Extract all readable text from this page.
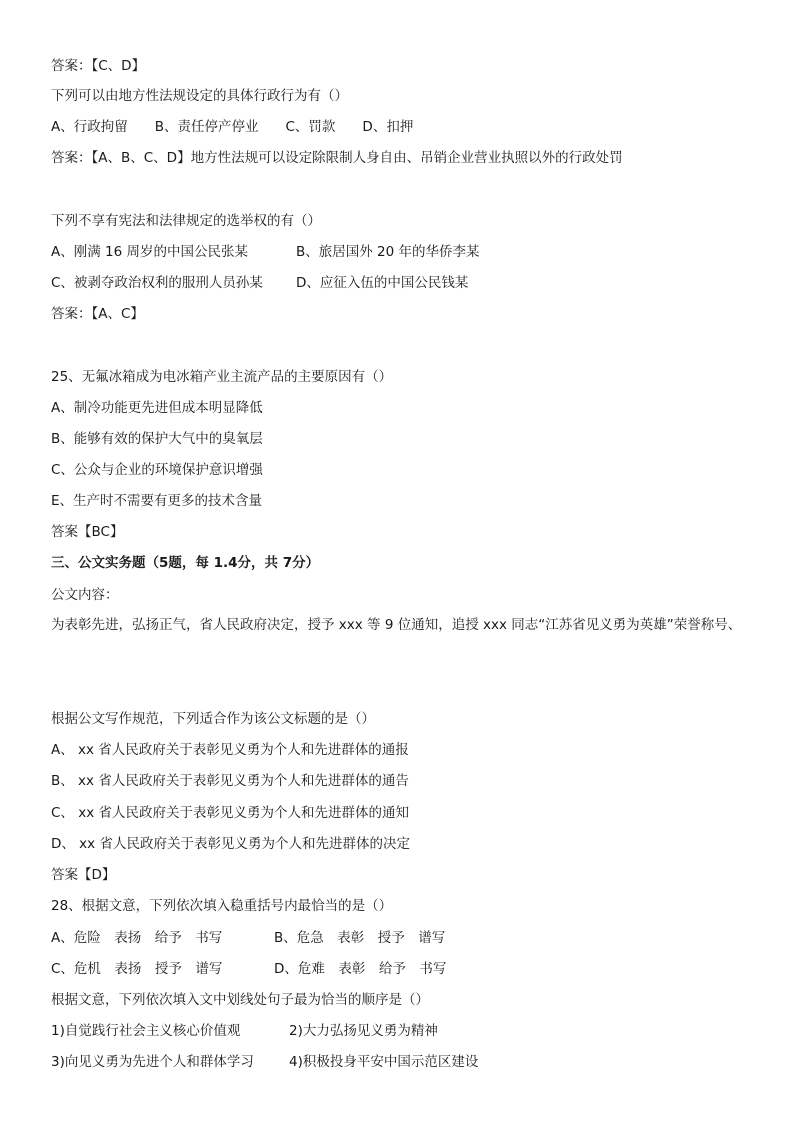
答案：【C、D】
下列可以由地方性法规设定的具体行政行为有（）
A、行政拘留　　B、责任停产停业　　C、罚款　　D、扣押
答案：【A、B、C、D】地方性法规可以设定除限制人身自由、吊销企业营业执照以外的行政处罚
下列不享有宪法和法律规定的选举权的有（）
A、刚满 16 周岁的中国公民张某	B、旅居国外 20 年的华侨李某
C、被剥夺政治权利的服刑人员孙某 D、应征入伍的中国公民钱某
答案：【A、C】
25、无氟冰箱成为电冰箱产业主流产品的主要原因有（）
A、制冷功能更先进但成本明显降低
B、能够有效的保护大气中的臭氧层
C、公众与企业的环境保护意识增强
E、生产时不需要有更多的技术含量
答案【BC】
三、公文实务题（5题，每 1.4分，共 7分）
公文内容：
为表彰先进，弘扬正气，省人民政府决定，授予 xxx 等 9 位通知，追授 xxx 同志“江苏省见义勇为英雄”荣誉称号、
根据公文写作规范，下列适合作为该公文标题的是（）
A、 xx 省人民政府关于表彰见义勇为个人和先进群体的通报
B、 xx 省人民政府关于表彰见义勇为个人和先进群体的通告
C、 xx 省人民政府关于表彰见义勇为个人和先进群体的通知
D、 xx 省人民政府关于表彰见义勇为个人和先进群体的决定
答案【D】
28、根据文意，下列依次填入稳重括号内最恰当的是（）
A、危险　表扬　给予　书写	B、危急　表彰　授予　谱写
C、危机　表扬　授予　谱写	D、危难　表彰　给予　书写
根据文意，下列依次填入文中划线处句子最为恰当的顺序是（）
1)自觉践行社会主义核心价值观	2)大力弘扬见义勇为精神
3)向见义勇为先进个人和群体学习	4)积极投身平安中国示范区建设
